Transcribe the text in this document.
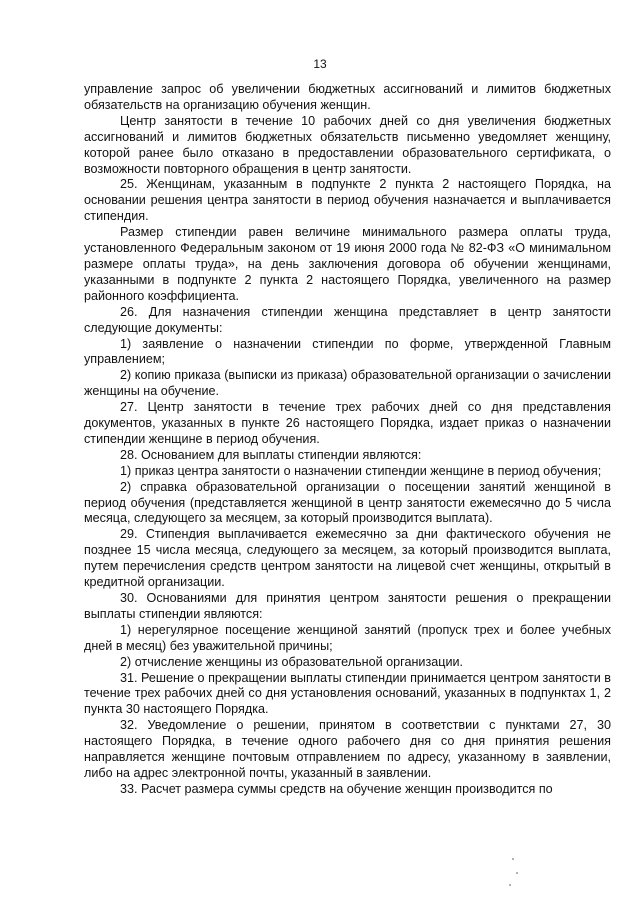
13

управление запрос об увеличении бюджетных ассигнований и лимитов бюджетных обязательств на организацию обучения женщин.

Центр занятости в течение 10 рабочих дней со дня увеличения бюджетных ассигнований и лимитов бюджетных обязательств письменно уведомляет женщину, которой ранее было отказано в предоставлении образовательного сертификата, о возможности повторного обращения в центр занятости.

25. Женщинам, указанным в подпункте 2 пункта 2 настоящего Порядка, на основании решения центра занятости в период обучения назначается и выплачивается стипендия.

Размер стипендии равен величине минимального размера оплаты труда, установленного Федеральным законом от 19 июня 2000 года № 82-ФЗ «О минимальном размере оплаты труда», на день заключения договора об обучении женщинами, указанными в подпункте 2 пункта 2 настоящего Порядка, увеличенного на размер районного коэффициента.

26. Для назначения стипендии женщина представляет в центр занятости следующие документы:

1) заявление о назначении стипендии по форме, утвержденной Главным управлением;

2) копию приказа (выписки из приказа) образовательной организации о зачислении женщины на обучение.

27. Центр занятости в течение трех рабочих дней со дня представления документов, указанных в пункте 26 настоящего Порядка, издает приказ о назначении стипендии женщине в период обучения.

28. Основанием для выплаты стипендии являются:

1) приказ центра занятости о назначении стипендии женщине в период обучения;

2) справка образовательной организации о посещении занятий женщиной в период обучения (представляется женщиной в центр занятости ежемесячно до 5 числа месяца, следующего за месяцем, за который производится выплата).

29. Стипендия выплачивается ежемесячно за дни фактического обучения не позднее 15 числа месяца, следующего за месяцем, за который производится выплата, путем перечисления средств центром занятости на лицевой счет женщины, открытый в кредитной организации.

30. Основаниями для принятия центром занятости решения о прекращении выплаты стипендии являются:

1) нерегулярное посещение женщиной занятий (пропуск трех и более учебных дней в месяц) без уважительной причины;

2) отчисление женщины из образовательной организации.

31. Решение о прекращении выплаты стипендии принимается центром занятости в течение трех рабочих дней со дня установления оснований, указанных в подпунктах 1, 2 пункта 30 настоящего Порядка.

32. Уведомление о решении, принятом в соответствии с пунктами 27, 30 настоящего Порядка, в течение одного рабочего дня со дня принятия решения направляется женщине почтовым отправлением по адресу, указанному в заявлении, либо на адрес электронной почты, указанный в заявлении.

33. Расчет размера суммы средств на обучение женщин производится по
